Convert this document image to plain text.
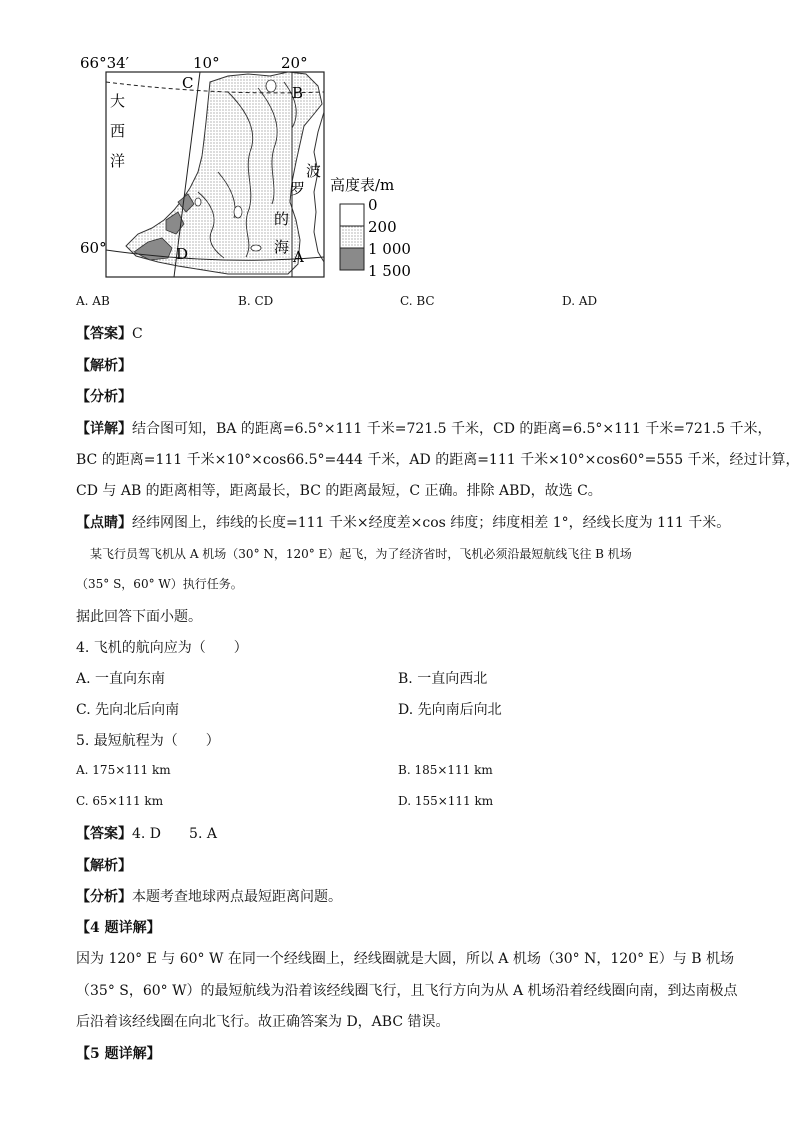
66°34′
60°
10°	20°
C
B
D	A
大
西
洋
波
罗
的
海
高度表/m
0
200
1 000
1 500
A. AB	B. CD	C. BC	D. AD
【答案】C
【解析】
【分析】
【详解】结合图可知，BA 的距离=6.5°×111 千米=721.5 千米，CD 的距离=6.5°×111 千米=721.5 千米，
BC 的距离=111 千米×10°×cos66.5°=444 千米，AD 的距离=111 千米×10°×cos60°=555 千米，经过计算，
CD 与 AB 的距离相等，距离最长，BC 的距离最短，C 正确。排除 ABD，故选 C。
【点睛】经纬网图上，纬线的长度=111 千米×经度差×cos 纬度；纬度相差 1°，经线长度为 111 千米。
某飞行员驾飞机从 A 机场（30° N，120° E）起飞，为了经济省时，飞机必须沿最短航线飞往 B 机场
（35° S，60° W）执行任务。
据此回答下面小题。
4. 飞机的航向应为（　　）
A. 一直向东南	B. 一直向西北
C. 先向北后向南	D. 先向南后向北
5. 最短航程为（　　）
A. 175×111 km	B. 185×111 km
C. 65×111 km	D. 155×111 km
【答案】4. D　　5. A
【解析】
【分析】本题考查地球两点最短距离问题。
【4 题详解】
因为 120° E 与 60° W 在同一个经线圈上，经线圈就是大圆，所以 A 机场（30° N，120° E）与 B 机场
（35° S，60° W）的最短航线为沿着该经线圈飞行，且飞行方向为从 A 机场沿着经线圈向南，到达南极点
后沿着该经线圈在向北飞行。故正确答案为 D，ABC 错误。
【5 题详解】
